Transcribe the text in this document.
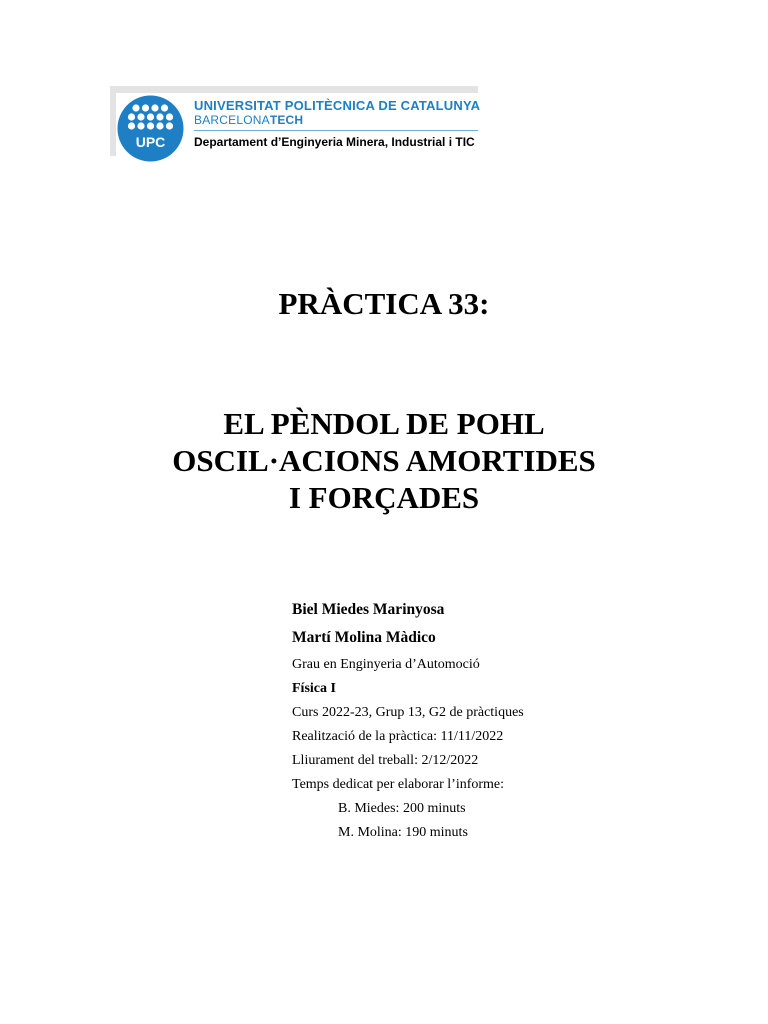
UPC
UNIVERSITAT POLITÈCNICA DE CATALUNYA
BARCELONATECH
Departament d’Enginyeria Minera, Industrial i TIC
PRÀCTICA 33:
EL PÈNDOL DE POHL
OSCIL·ACIONS AMORTIDES
I FORÇADES
Biel Miedes Marinyosa
Martí Molina Màdico
Grau en Enginyeria d’Automoció
Física I
Curs 2022-23, Grup 13, G2 de pràctiques
Realització de la pràctica: 11/11/2022
Lliurament del treball: 2/12/2022
Temps dedicat per elaborar l’informe:
B. Miedes: 200 minuts
M. Molina: 190 minuts
